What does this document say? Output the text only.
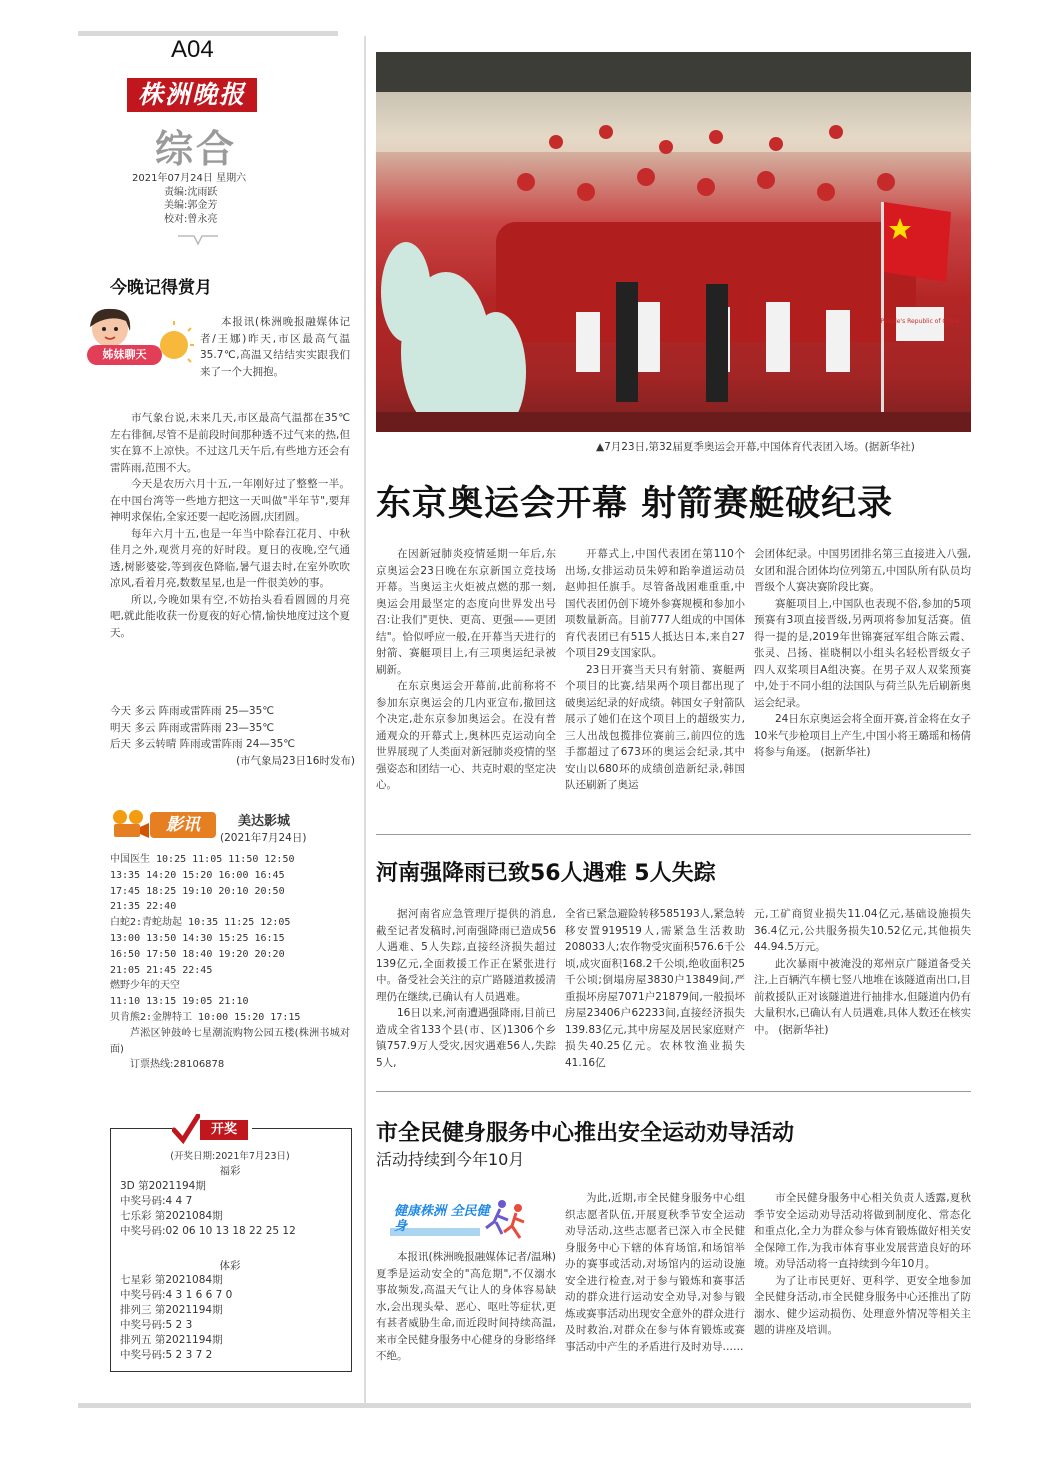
A04
株洲晚报
综合
2021年07月24日 星期六
责编:沈雨跃
美编:郭金芳
校对:曾永亮
今晚记得赏月
姊妹聊天

本报讯(株洲晚报融媒体记者/王娜)昨天,市区最高气温35.7℃,高温又结结实实跟我们来了一个大拥抱。

市气象台说,未来几天,市区最高气温都在35℃左右徘徊,尽管不是前段时间那种透不过气来的热,但实在算不上凉快。不过这几天午后,有些地方还会有雷阵雨,范围不大。

今天是农历六月十五,一年刚好过了整整一半。在中国台湾等一些地方把这一天叫做"半年节",要拜神明求保佑,全家还要一起吃汤圆,庆团圆。

每年六月十五,也是一年当中除春江花月、中秋佳月之外,观赏月亮的好时段。夏日的夜晚,空气通透,树影婆娑,等到夜色降临,暑气退去时,在室外吹吹凉风,看着月亮,数数星星,也是一件很美妙的事。

所以,今晚如果有空,不妨抬头看看圆圆的月亮吧,就此能收获一份夏夜的好心情,愉快地度过这个夏天。

今天 多云 阵雨或雷阵雨 25—35℃
明天 多云 阵雨或雷阵雨 23—35℃
后天 多云转晴 阵雨或雷阵雨 24—35℃
(市气象局23日16时发布)
影讯	美达影城
(2021年7月24日)
中国医生 10:25 11:05 11:50 12:50
13:35 14:20 15:20 16:00 16:45
17:45 18:25 19:10 20:10 20:50
21:35 22:40
白蛇2:青蛇劫起 10:35 11:25 12:05
13:00 13:50 14:30 15:25 16:15
16:50 17:50 18:40 19:20 20:20
21:05 21:45 22:45
燃野少年的天空
11:10 13:15 19:05 21:10
贝肯熊2:金牌特工 10:00 15:20 17:15
芦淞区钟鼓岭七星潮流购物公园五楼(株洲书城对面)
订票热线:28106878
开奖
(开奖日期:2021年7月23日)
福彩
3D 第2021194期
中奖号码:4 4 7
七乐彩 第2021084期
中奖号码:02 06 10 13 18 22 25 12
体彩
七星彩 第2021084期
中奖号码:4 3 1 6 6 7 0
排列三 第2021194期
中奖号码:5 2 3
排列五 第2021194期
中奖号码:5 2 3 7 2
People's Republic of China
▲7月23日,第32届夏季奥运会开幕,中国体育代表团入场。(据新华社)
东京奥运会开幕 射箭赛艇破纪录

在因新冠肺炎疫情延期一年后,东京奥运会23日晚在东京新国立竞技场开幕。当奥运主火炬被点燃的那一刻,奥运会用最坚定的态度向世界发出号召:让我们"更快、更高、更强——更团结"。恰似呼应一般,在开幕当天进行的射箭、赛艇项目上,有三项奥运纪录被刷新。

在东京奥运会开幕前,此前称将不参加东京奥运会的几内亚宣布,撤回这个决定,赴东京参加奥运会。在没有普通观众的开幕式上,奥林匹克运动向全世界展现了人类面对新冠肺炎疫情的坚强姿态和团结一心、共克时艰的坚定决心。

开幕式上,中国代表团在第110个出场,女排运动员朱婷和跆拳道运动员赵帅担任旗手。尽管备战困难重重,中国代表团仍创下境外参赛规模和参加小项数量新高。目前777人组成的中国体育代表团已有515人抵达日本,来自27个项目29支国家队。

23日开赛当天只有射箭、赛艇两个项目的比赛,结果两个项目都出现了破奥运纪录的好成绩。韩国女子射箭队展示了她们在这个项目上的超级实力,三人出战包揽排位赛前三,前四位的选手都超过了673环的奥运会纪录,其中安山以680环的成绩创造新纪录,韩国队还刷新了奥运

会团体纪录。中国男团排名第三直接进入八强,女团和混合团体均位列第五,中国队所有队员均晋级个人赛决赛阶段比赛。

赛艇项目上,中国队也表现不俗,参加的5项预赛有3项直接晋级,另两项将参加复活赛。值得一提的是,2019年世锦赛冠军组合陈云霞、张灵、吕扬、崔晓桐以小组头名轻松晋级女子四人双桨项目A组决赛。在男子双人双桨预赛中,处于不同小组的法国队与荷兰队先后刷新奥运会纪录。

24日东京奥运会将全面开赛,首金将在女子10米气步枪项目上产生,中国小将王璐瑶和杨倩将参与角逐。 (据新华社)

河南强降雨已致56人遇难 5人失踪

据河南省应急管理厅提供的消息,截至记者发稿时,河南强降雨已造成56人遇难、5人失踪,直接经济损失超过139亿元,全面救援工作正在紧张进行中。备受社会关注的京广路隧道救援清理仍在继续,已确认有人员遇难。

16日以来,河南遭遇强降雨,目前已造成全省133个县(市、区)1306个乡镇757.9万人受灾,因灾遇难56人,失踪5人,

全省已紧急避险转移585193人,紧急转移安置919519人,需紧急生活救助208033人;农作物受灾面积576.6千公顷,成灾面积168.2千公顷,绝收面积25千公顷;倒塌房屋3830户13849间,严重损坏房屋7071户21879间,一般损坏房屋23406户62233间,直接经济损失139.83亿元,其中房屋及居民家庭财产损失40.25亿元。农林牧渔业损失41.16亿

元,工矿商贸业损失11.04亿元,基础设施损失36.4亿元,公共服务损失10.52亿元,其他损失44.94.5万元。

此次暴雨中被淹没的郑州京广隧道备受关注,上百辆汽车横七竖八地堆在该隧道南出口,目前救援队正对该隧道进行抽排水,但隧道内仍有大量积水,已确认有人员遇难,具体人数还在核实中。 (据新华社)

市全民健身服务中心推出安全运动劝导活动
活动持续到今年10月
健康株洲 全民健身

本报讯(株洲晚报融媒体记者/温琳)夏季是运动安全的"高危期",不仅溺水事故频发,高温天气让人的身体容易缺水,会出现头晕、恶心、呕吐等症状,更有甚者威胁生命,而近段时间持续高温,来市全民健身服务中心健身的身影络绎不绝。

为此,近期,市全民健身服务中心组织志愿者队伍,开展夏秋季节安全运动劝导活动,这些志愿者已深入市全民健身服务中心下辖的体育场馆,和场馆举办的赛事或活动,对场馆内的运动设施安全进行检查,对于参与锻炼和赛事活动的群众进行运动安全劝导,对参与锻炼或赛事活动出现安全意外的群众进行及时救治,对群众在参与体育锻炼或赛事活动中产生的矛盾进行及时劝导……

市全民健身服务中心相关负责人透露,夏秋季节安全运动劝导活动将做到制度化、常态化和重点化,全力为群众参与体育锻炼做好相关安全保障工作,为我市体育事业发展营造良好的环境。劝导活动将一直持续到今年10月。

为了让市民更好、更科学、更安全地参加全民健身活动,市全民健身服务中心还推出了防溺水、健少运动损伤、处理意外情况等相关主题的讲座及培训。
